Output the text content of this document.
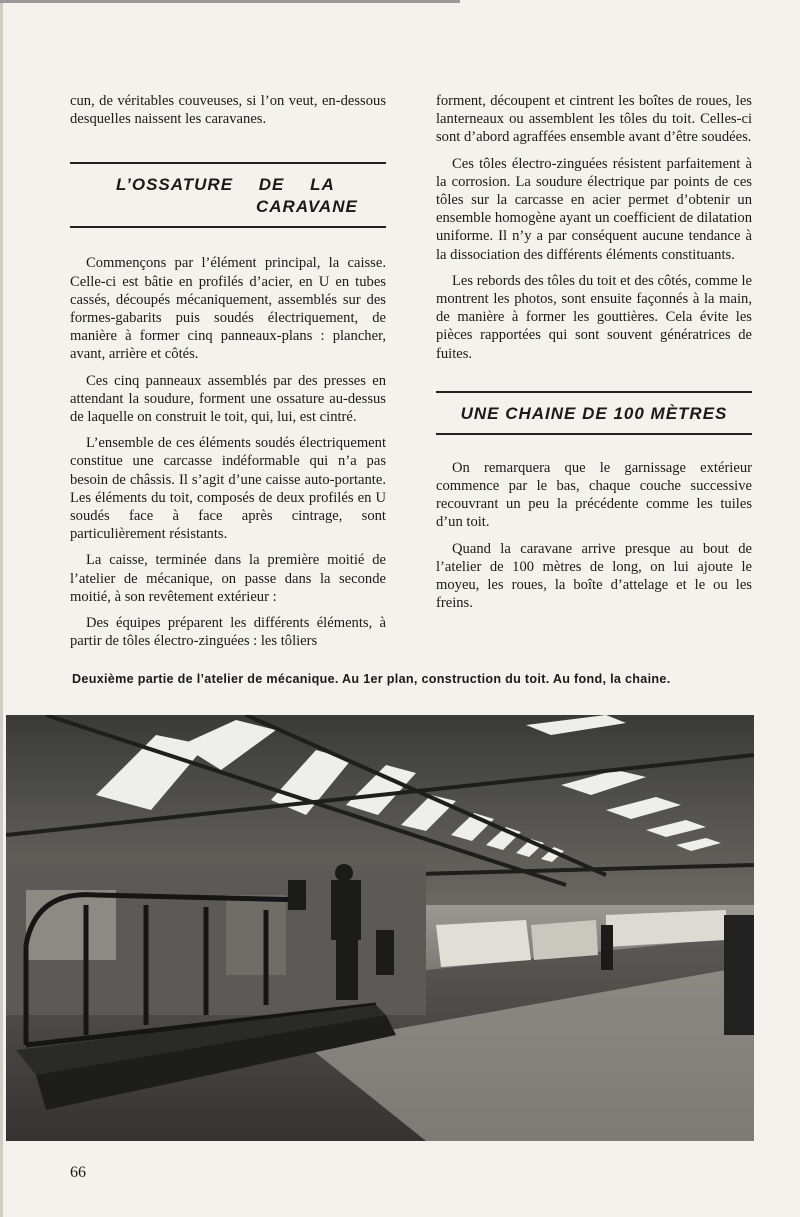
cun, de véritables couveuses, si l’on veut, en-dessous desquelles naissent les caravanes.

L’OSSATURE DE LA
CARAVANE

Commençons par l’élément principal, la caisse. Celle-ci est bâtie en profilés d’acier, en U en tubes cassés, découpés mécaniquement, assemblés sur des formes-gabarits puis soudés électriquement, de manière à former cinq panneaux-plans : plancher, avant, arrière et côtés.

Ces cinq panneaux assemblés par des presses en attendant la soudure, forment une ossature au-dessus de laquelle on construit le toit, qui, lui, est cintré.

L’ensemble de ces éléments soudés électriquement constitue une carcasse indéformable qui n’a pas besoin de châssis. Il s’agit d’une caisse auto-portante. Les éléments du toit, composés de deux profilés en U soudés face à face après cintrage, sont particulièrement résistants.

La caisse, terminée dans la première moitié de l’atelier de mécanique, on passe dans la seconde moitié, à son revêtement extérieur :

Des équipes préparent les différents éléments, à partir de tôles électro-zinguées : les tôliers

forment, découpent et cintrent les boîtes de roues, les lanterneaux ou assemblent les tôles du toit. Celles-ci sont d’abord agraffées ensemble avant d’être soudées.

Ces tôles électro-zinguées résistent parfaitement à la corrosion. La soudure électrique par points de ces tôles sur la carcasse en acier permet d’obtenir un ensemble homogène ayant un coefficient de dilatation uniforme. Il n’y a par conséquent aucune tendance à la dissociation des différents éléments constituants.

Les rebords des tôles du toit et des côtés, comme le montrent les photos, sont ensuite façonnés à la main, de manière à former les gouttières. Cela évite les pièces rapportées qui sont souvent génératrices de fuites.

UNE CHAINE DE 100 MÈTRES

On remarquera que le garnissage extérieur commence par le bas, chaque couche successive recouvrant un peu la précédente comme les tuiles d’un toit.

Quand la caravane arrive presque au bout de l’atelier de 100 mètres de long, on lui ajoute le moyeu, les roues, la boîte d’attelage et le ou les freins.

Deuxième partie de l’atelier de mécanique. Au 1er plan, construction du toit. Au fond, la chaine.
66
